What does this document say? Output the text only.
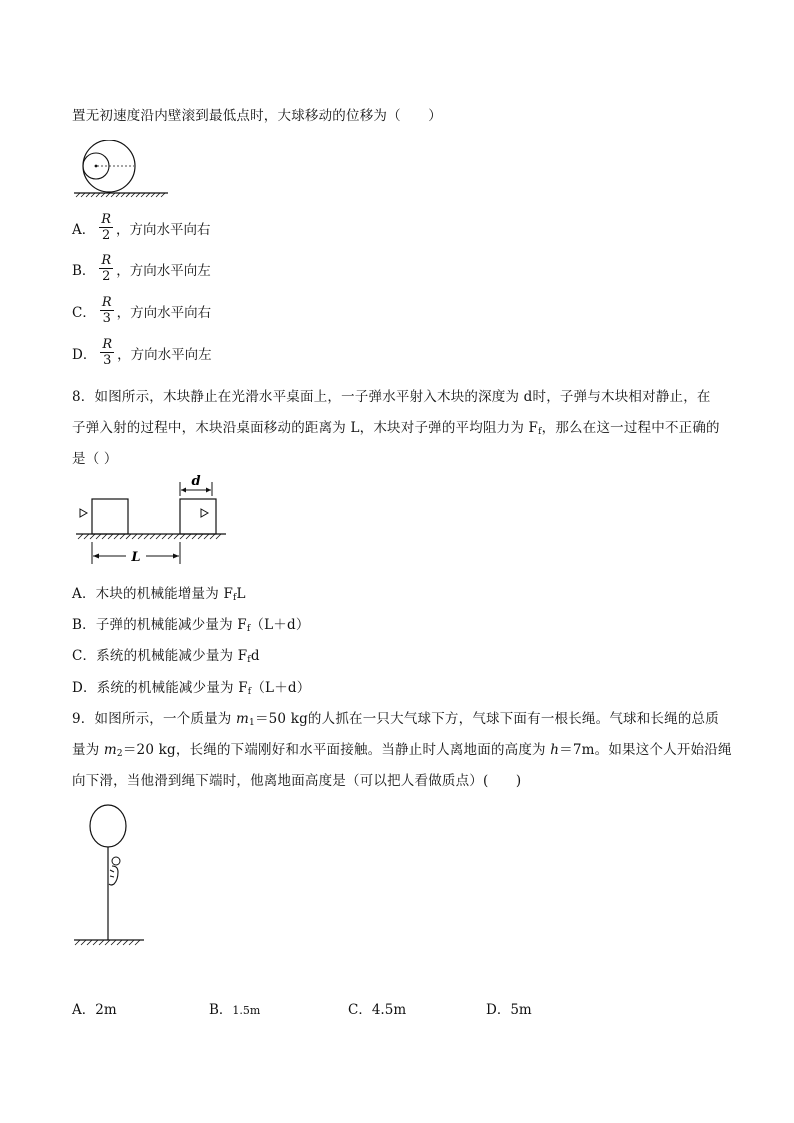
置无初速度沿内壁滚到最低点时，大球移动的位移为（　　）
A． $\frac{R}{2}$ ，方向水平向右
B． $\frac{R}{2}$ ，方向水平向左
C． $\frac{R}{3}$ ，方向水平向右
D． $\frac{R}{3}$ ，方向水平向左
8．如图所示，木块静止在光滑水平桌面上，一子弹水平射入木块的深度为 d时，子弹与木块相对静止，在
子弹入射的过程中，木块沿桌面移动的距离为 L，木块对子弹的平均阻力为 $F_f$，那么在这一过程中不正确的
是（ ）
d
L
A．木块的机械能增量为 $F_fL$
B．子弹的机械能减少量为 $F_f(L+d)$
C．系统的机械能减少量为 $F_fd$
D．系统的机械能减少量为 $F_f(L+d)$
9．如图所示，一个质量为 $m_1=50$ kg的人抓在一只大气球下方，气球下面有一根长绳。气球和长绳的总质
量为 $m_2=20$ kg，长绳的下端刚好和水平面接触。当静止时人离地面的高度为 h＝7m。如果这个人开始沿绳
向下滑，当他滑到绳下端时，他离地面高度是（可以把人看做质点）(　　)
A．2m	B．1.5m	C．4.5m	D．5m
